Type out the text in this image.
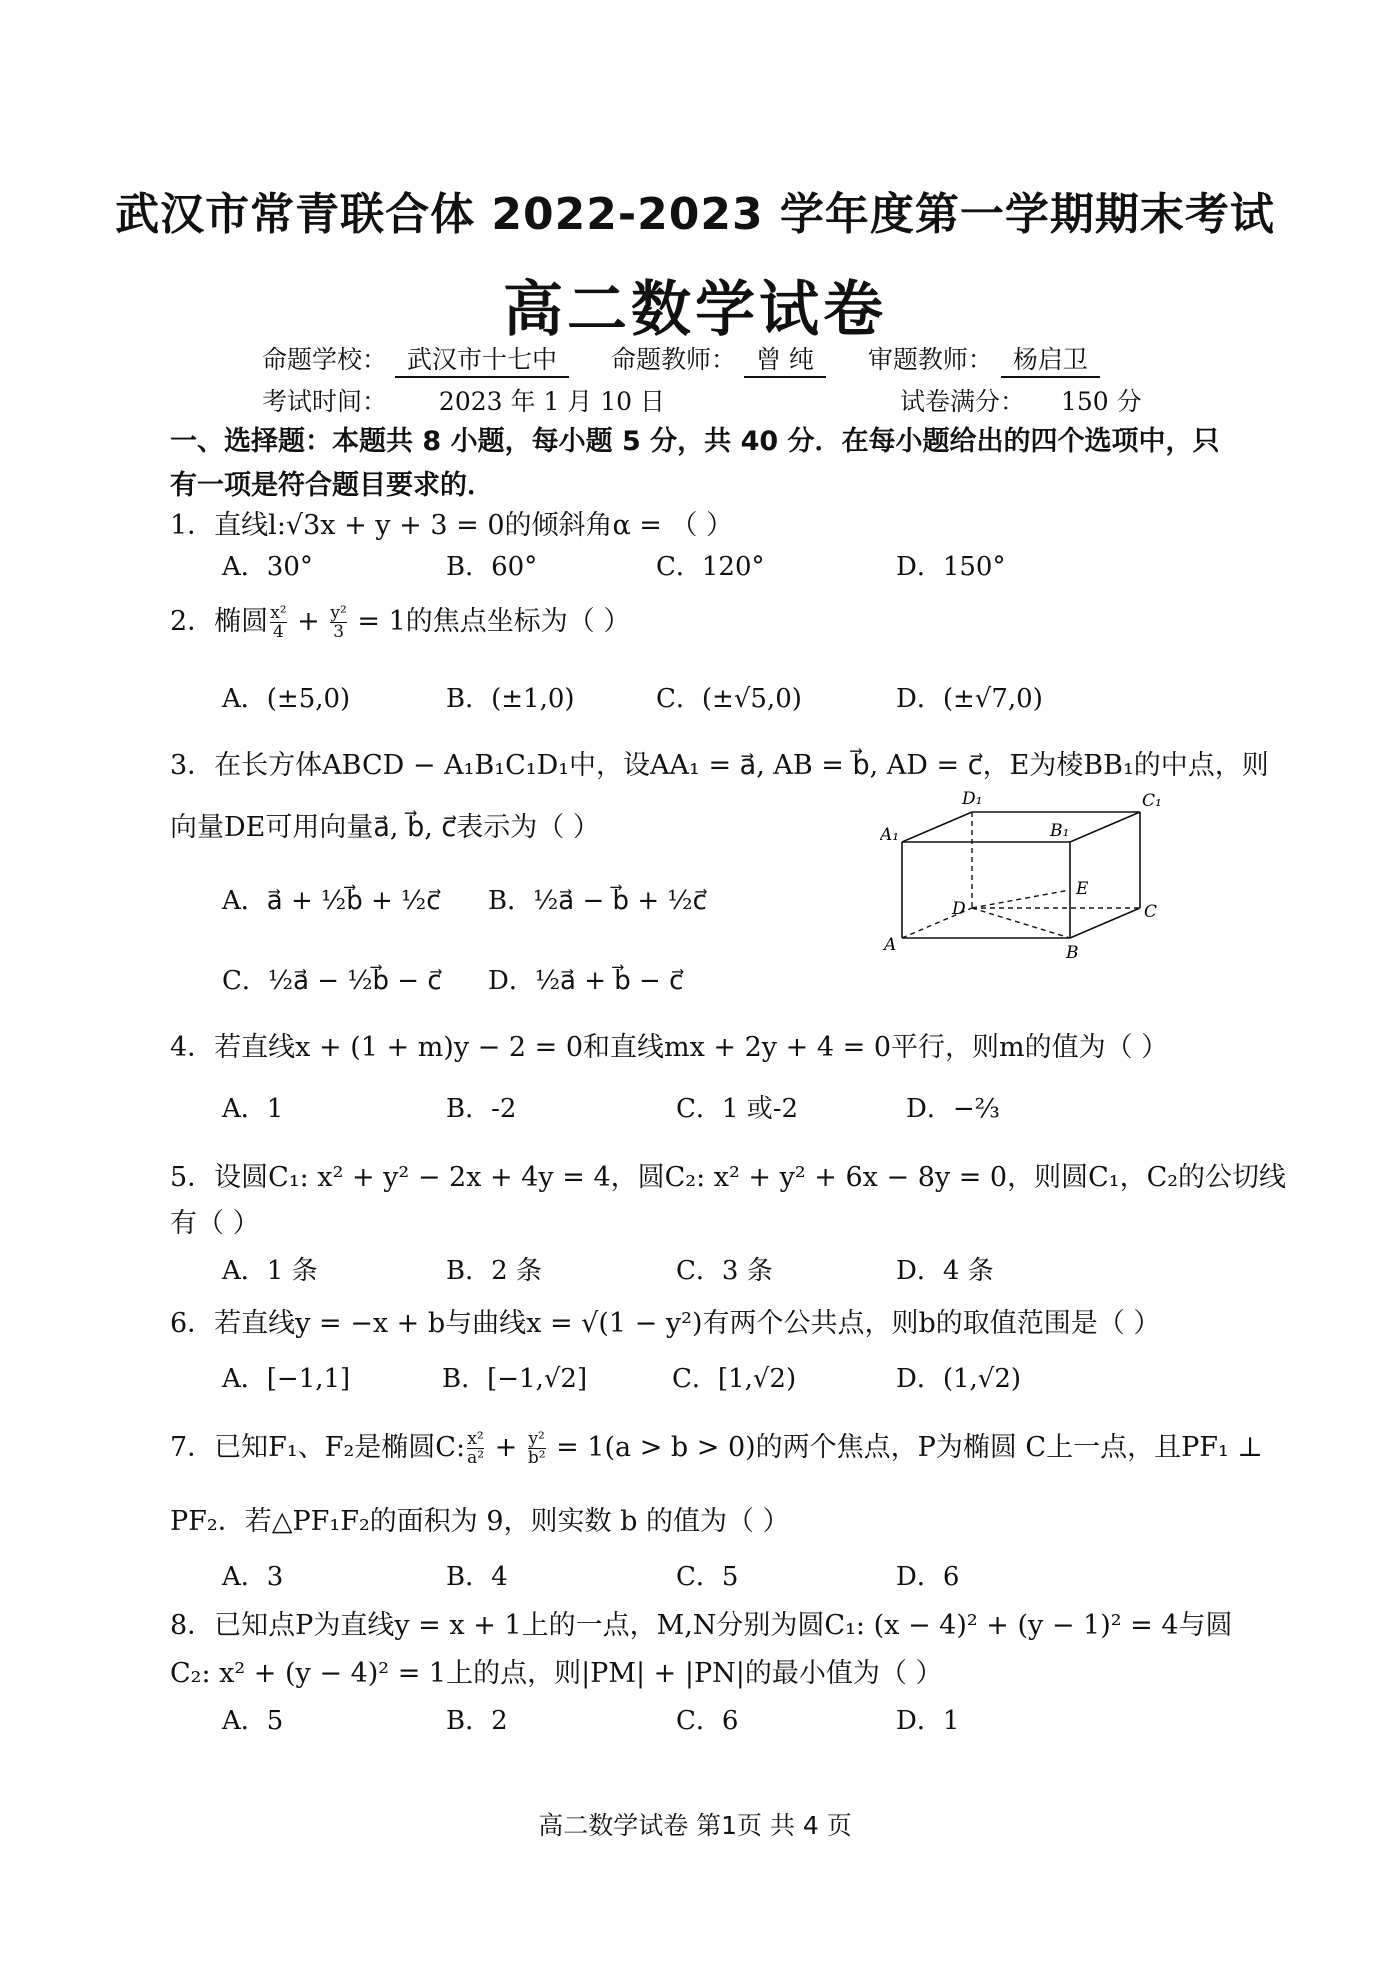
武汉市常青联合体 2022-2023 学年度第一学期期末考试
高二数学试卷
命题学校： 武汉市十七中 命题教师： 曾 纯 审题教师： 杨启卫
考试时间： 2023 年 1 月 10 日	试卷满分： 150 分
一、选择题：本题共 8 小题，每小题 5 分，共 40 分．在每小题给出的四个选项中，只有一项是符合题目要求的．
1．直线l:√3x + y + 3 = 0的倾斜角α = （ ）
A．30°	B．60°	C．120°	D．150°
2．椭圆 $\frac{\text{x²}}{4} + \frac{\text{y²}}{3} = 1$的焦点坐标为（ ）
A．(±5,0)	B．(±1,0)	C．(±√5,0)	D．(±√7,0)
3．在长方体ABCD − A₁B₁C₁D₁中，设AA₁ = a⃗, AB = b⃗, AD = c⃗，E为棱BB₁的中点，则
向量DE可用向量a⃗, b⃗, c⃗表示为（ ）
A．a⃗ + ½b⃗ + ½c⃗ B．½a⃗ − b⃗ + ½c⃗
C．½a⃗ − ½b⃗ − c⃗ D．½a⃗ + b⃗ − c⃗
D₁	C₁
A₁	B₁
D
E
C
A	B
4．若直线x + (1 + m)y − 2 = 0和直线mx + 2y + 4 = 0平行，则m的值为（ ）
A．1	B．-2	C．1 或-2	D．−⅔
5．设圆C₁: x² + y² − 2x + 4y = 4，圆C₂: x² + y² + 6x − 8y = 0，则圆C₁，C₂的公切线
有（ ）
A．1 条	B．2 条	C．3 条	D．4 条
6．若直线y = −x + b与曲线x = √(1 − y²)有两个公共点，则b的取值范围是（ ）
A．[−1,1]	B．[−1,√2]	C．[1,√2)	D．(1,√2)
7．已知F₁、F₂是椭圆C: $\frac{\text{x²}}{\text{a²}} + \frac{\text{y²}}{\text{b²}} = 1(a > b > 0)$的两个焦点，P为椭圆 C上一点，且PF₁ ⊥
PF₂．若△PF₁F₂的面积为 9，则实数 b 的值为（ ）
A．3	B．4	C．5	D．6
8．已知点P为直线y = x + 1上的一点，M,N分别为圆C₁: (x − 4)² + (y − 1)² = 4与圆
C₂: x² + (y − 4)² = 1上的点，则|PM| + |PN|的最小值为（ ）
A．5	B．2	C．6	D．1
高二数学试卷 第1页 共 4 页
